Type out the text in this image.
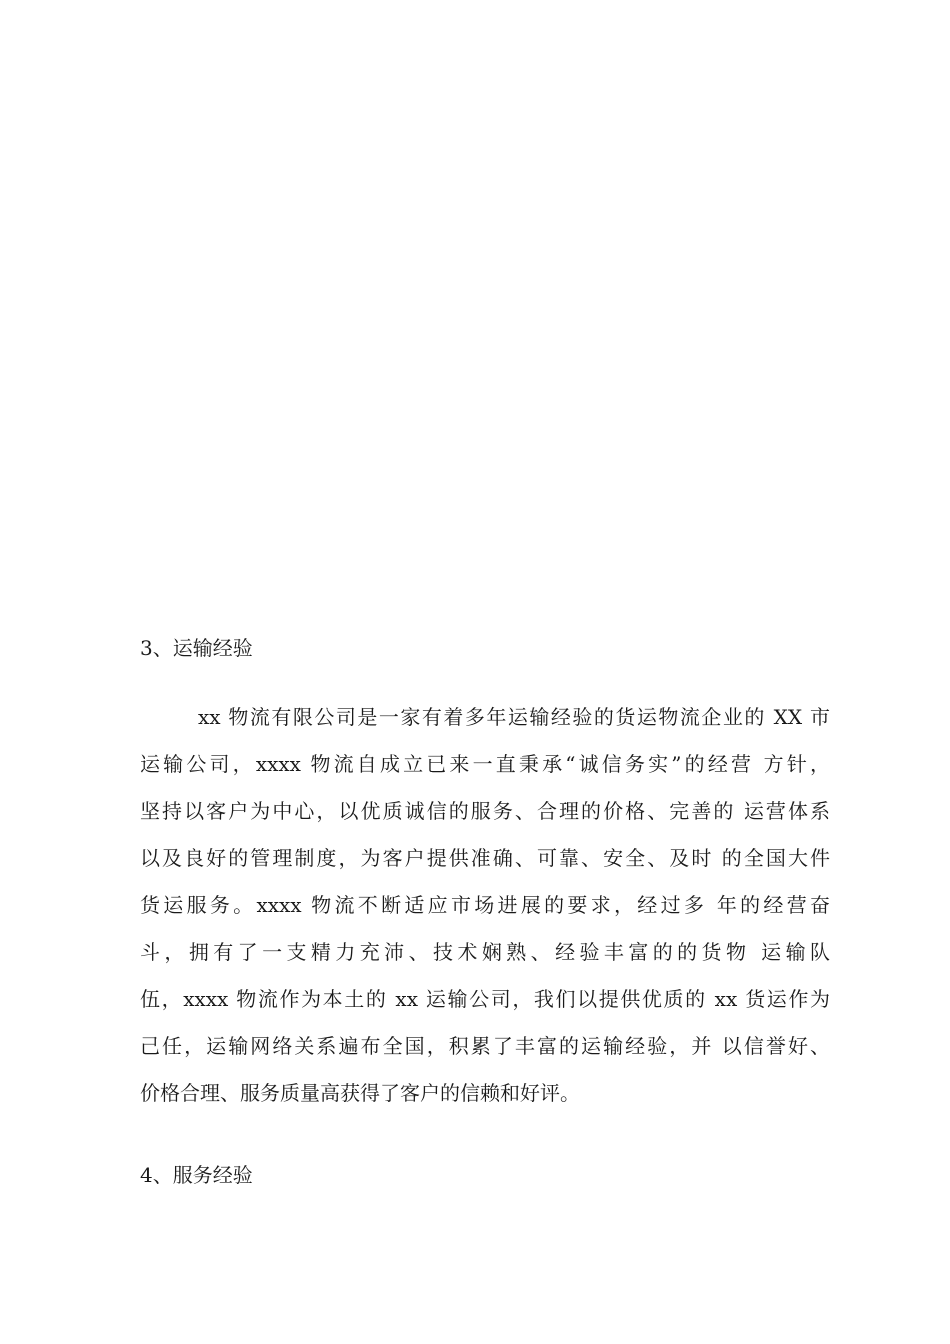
3、运输经验
xx 物流有限公司是一家有着多年运输经验的货运物流企业的 XX 市
运输公司，xxxx 物流自成立已来一直秉承“诚信务实”的经营 方针，
坚持以客户为中心，以优质诚信的服务、合理的价格、完善的 运营体系
以及良好的管理制度，为客户提供准确、可靠、安全、及时 的全国大件
货运服务。xxxx 物流不断适应市场进展的要求，经过多 年的经营奋
斗，拥有了一支精力充沛、技术娴熟、经验丰富的的货物 运输队
伍，xxxx 物流作为本土的 xx 运输公司，我们以提供优质的 xx 货运作为
己任，运输网络关系遍布全国，积累了丰富的运输经验，并 以信誉好、
价格合理、服务质量高获得了客户的信赖和好评。
4、服务经验
